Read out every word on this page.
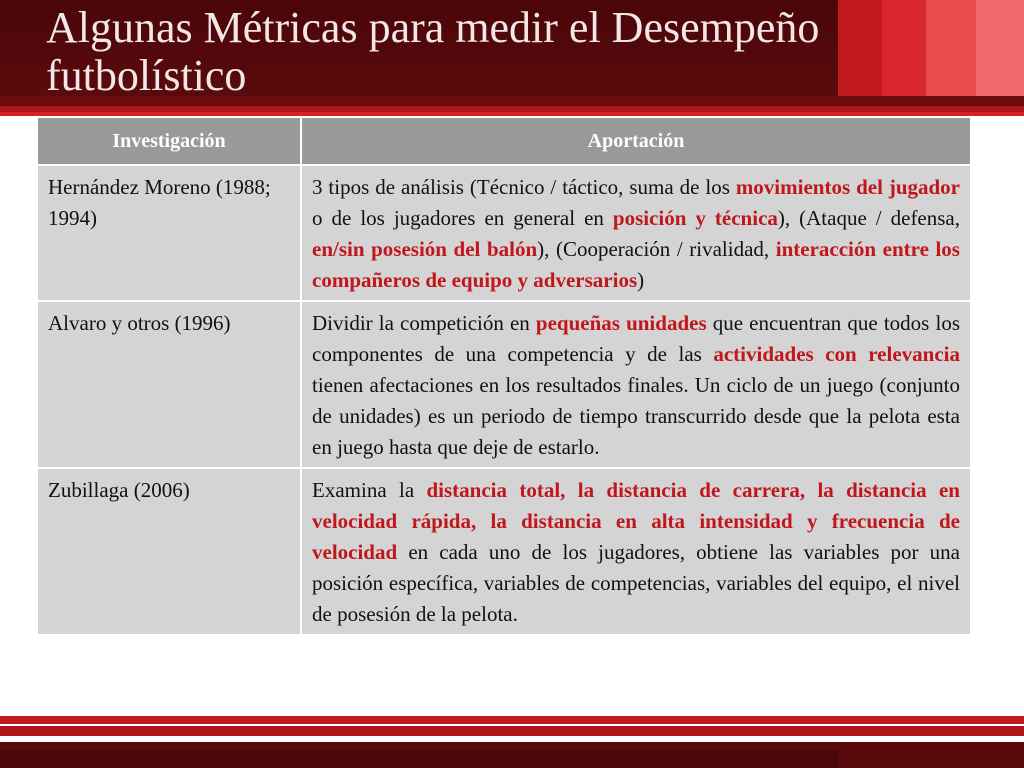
Algunas Métricas para medir el Desempeño futbolístico
Investigación	Aportación
Hernández Moreno (1988; 1994)	3 tipos de análisis (Técnico / táctico, suma de los movimientos del jugador o de los jugadores en general en posición y técnica), (Ataque / defensa, en/sin posesión del balón), (Cooperación / rivalidad, interacción entre los compañeros de equipo y adversarios)
Alvaro y otros (1996)	Dividir la competición en pequeñas unidades que encuentran que todos los componentes de una competencia y de las actividades con relevancia tienen afectaciones en los resultados finales. Un ciclo de un juego (conjunto de unidades) es un periodo de tiempo transcurrido desde que la pelota esta en juego hasta que deje de estarlo.
Zubillaga (2006)	Examina la distancia total, la distancia de carrera, la distancia en velocidad rápida, la distancia en alta intensidad y frecuencia de velocidad en cada uno de los jugadores, obtiene las variables por una posición específica, variables de competencias, variables del equipo, el nivel de posesión de la pelota.
